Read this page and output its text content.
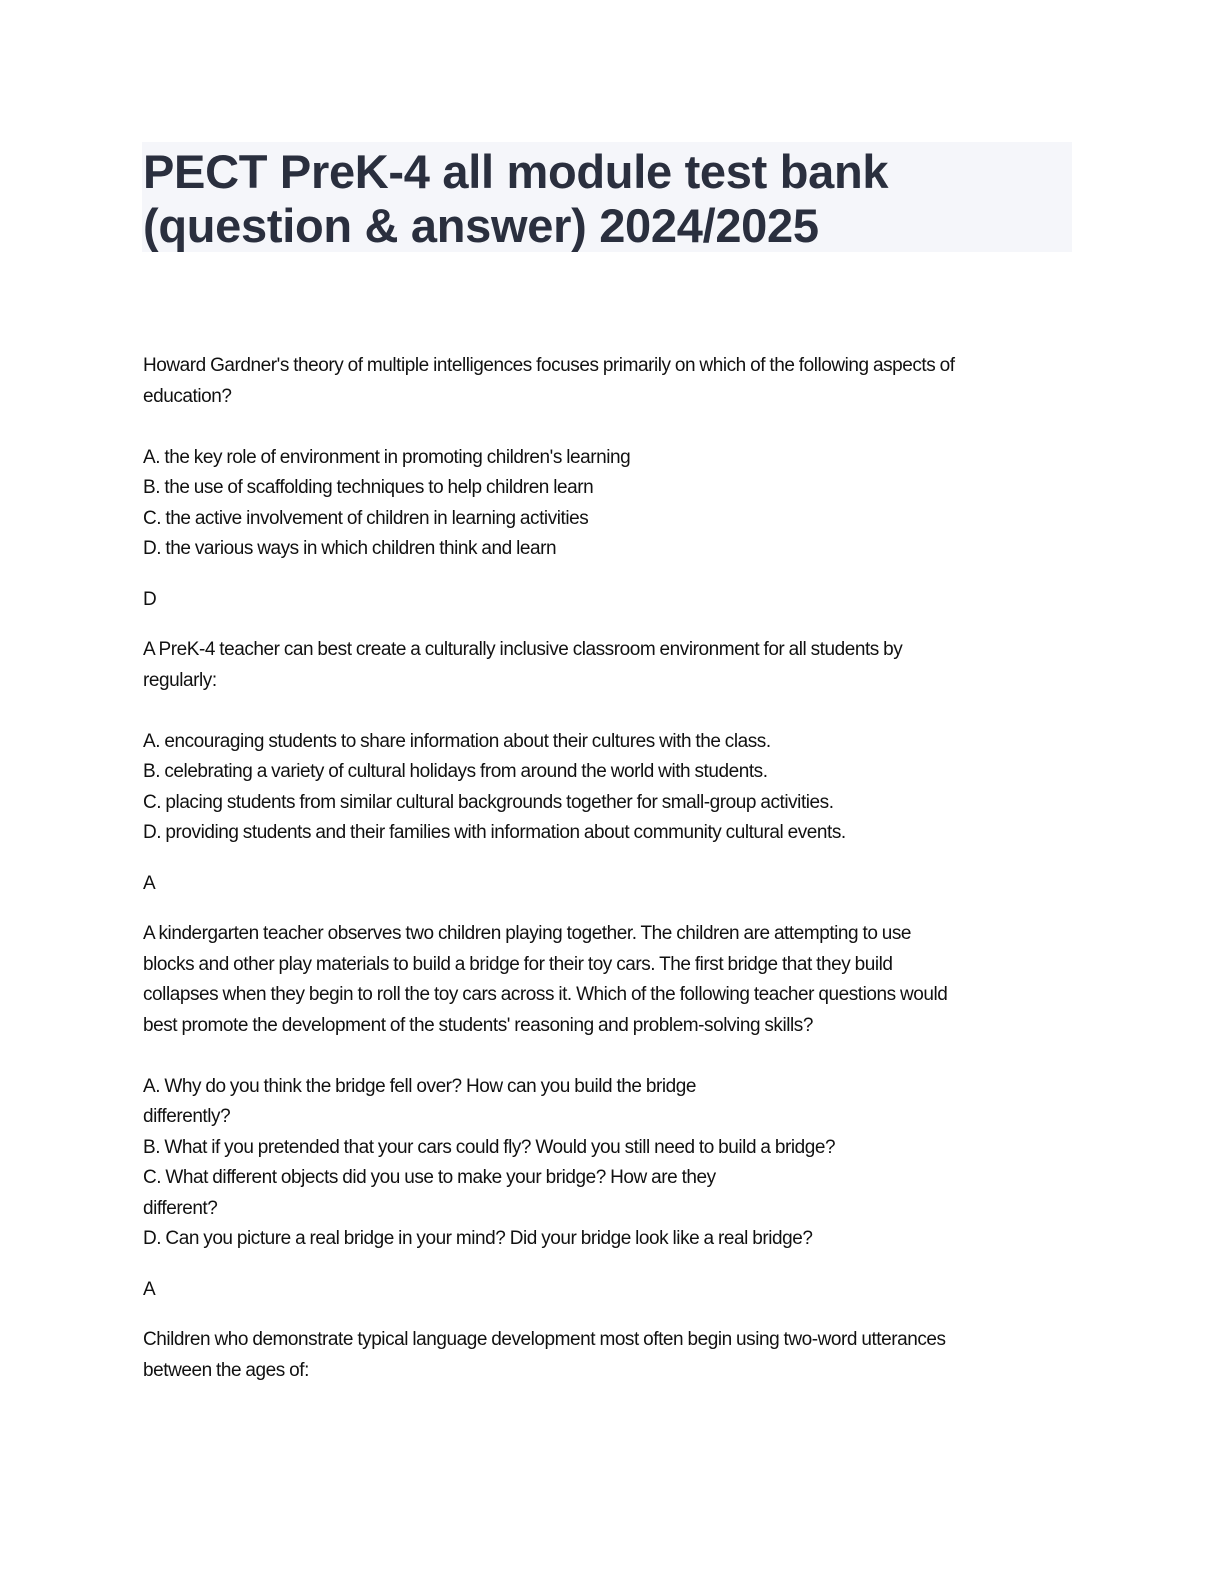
PECT PreK-4 all module test bank
(question & answer) 2024/2025
Howard Gardner's theory of multiple intelligences focuses primarily on which of the following aspects of
education?
A. the key role of environment in promoting children's learning
B. the use of scaffolding techniques to help children learn
C. the active involvement of children in learning activities
D. the various ways in which children think and learn
D
A PreK-4 teacher can best create a culturally inclusive classroom environment for all students by
regularly:
A. encouraging students to share information about their cultures with the class.
B. celebrating a variety of cultural holidays from around the world with students.
C. placing students from similar cultural backgrounds together for small-group activities.
D. providing students and their families with information about community cultural events.
A
A kindergarten teacher observes two children playing together. The children are attempting to use
blocks and other play materials to build a bridge for their toy cars. The first bridge that they build
collapses when they begin to roll the toy cars across it. Which of the following teacher questions would
best promote the development of the students' reasoning and problem-solving skills?
A. Why do you think the bridge fell over? How can you build the bridge
differently?
B. What if you pretended that your cars could fly? Would you still need to build a bridge?
C. What different objects did you use to make your bridge? How are they
different?
D. Can you picture a real bridge in your mind? Did your bridge look like a real bridge?
A
Children who demonstrate typical language development most often begin using two-word utterances
between the ages of:
